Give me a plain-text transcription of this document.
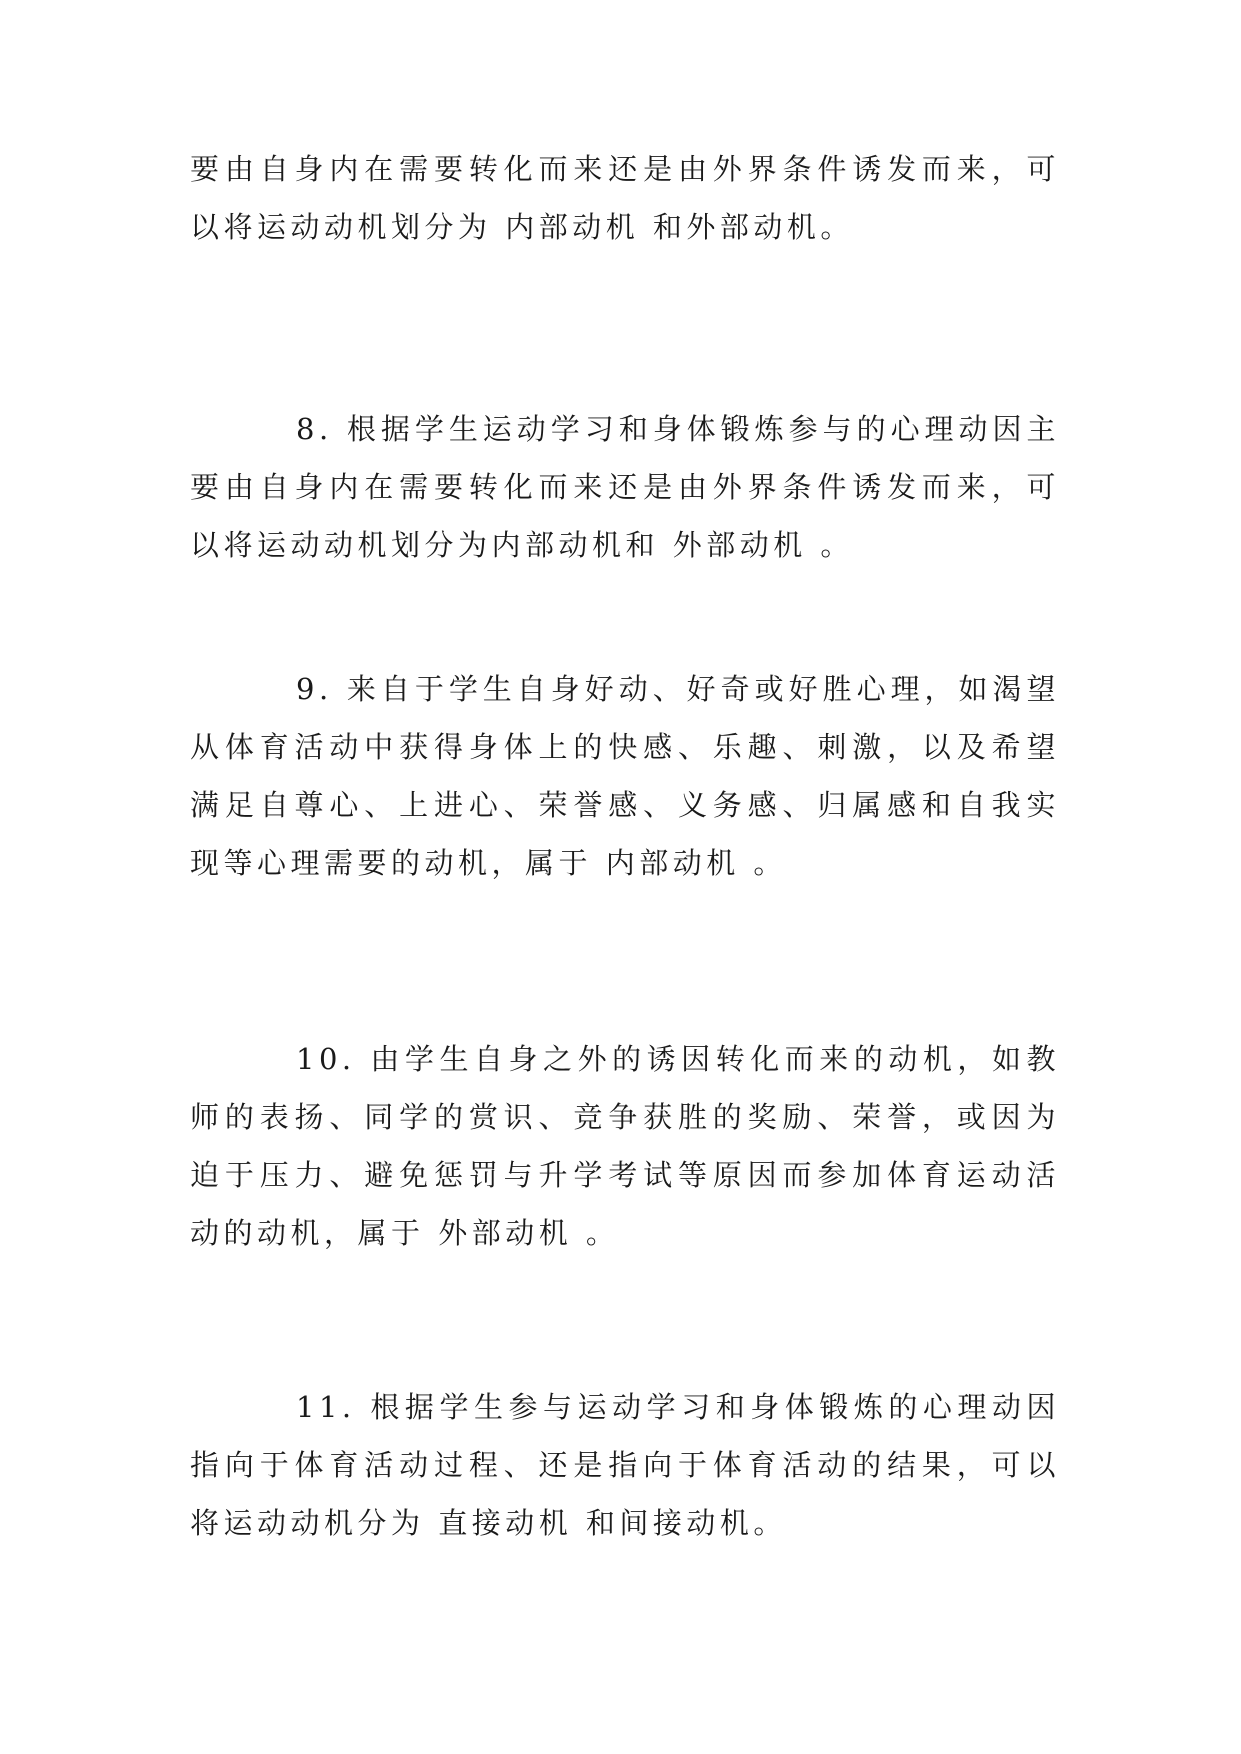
要由自身内在需要转化而来还是由外界条件诱发而来，可以将运动动机划分为 内部动机 和外部动机。

8. 根据学生运动学习和身体锻炼参与的心理动因主要由自身内在需要转化而来还是由外界条件诱发而来，可以将运动动机划分为内部动机和 外部动机 。

9. 来自于学生自身好动、好奇或好胜心理，如渴望从体育活动中获得身体上的快感、乐趣、刺激，以及希望满足自尊心、上进心、荣誉感、义务感、归属感和自我实现等心理需要的动机，属于 内部动机 。

10. 由学生自身之外的诱因转化而来的动机，如教师的表扬、同学的赏识、竞争获胜的奖励、荣誉，或因为迫于压力、避免惩罚与升学考试等原因而参加体育运动活动的动机，属于 外部动机 。

11. 根据学生参与运动学习和身体锻炼的心理动因指向于体育活动过程、还是指向于体育活动的结果，可以将运动动机分为 直接动机 和间接动机。
